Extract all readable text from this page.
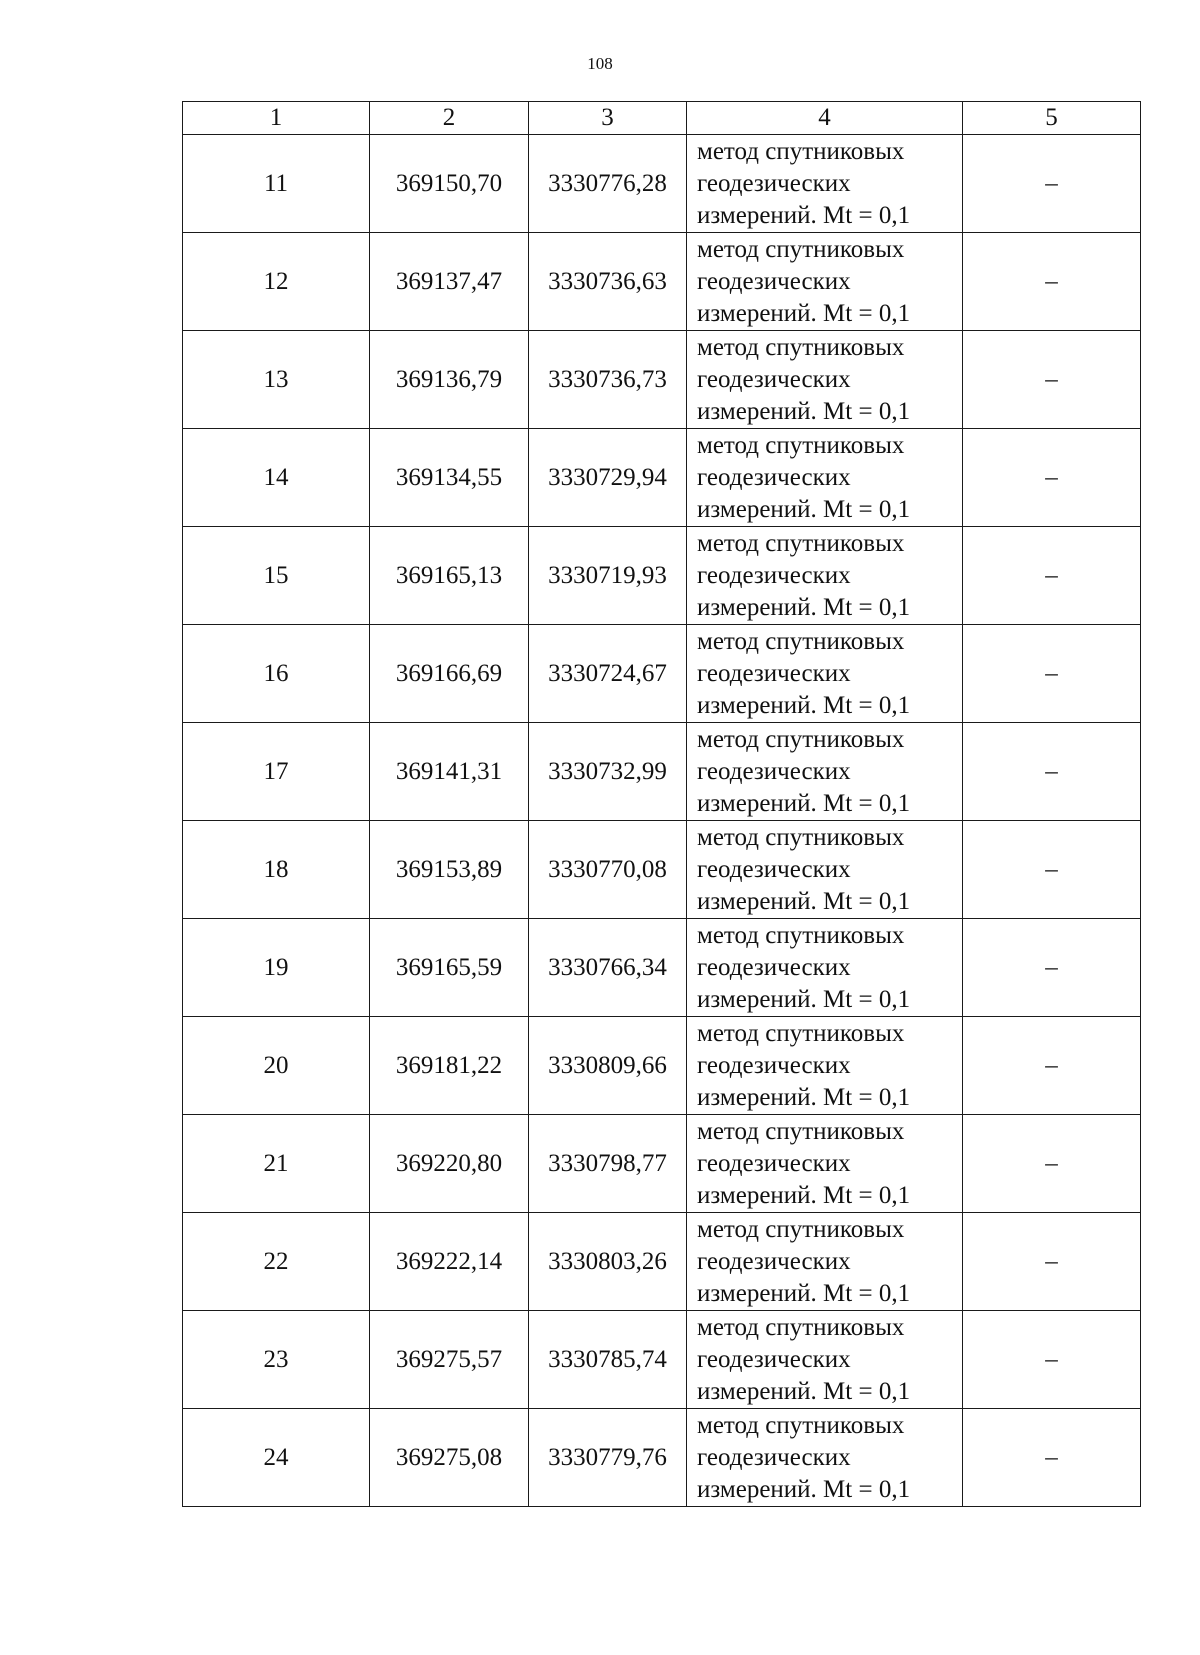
108
1	2	3	4	5
11	369150,70	3330776,28	метод спутниковых
геодезических
измерений. Mt = 0,1	–
12	369137,47	3330736,63	метод спутниковых
геодезических
измерений. Mt = 0,1	–
13	369136,79	3330736,73	метод спутниковых
геодезических
измерений. Mt = 0,1	–
14	369134,55	3330729,94	метод спутниковых
геодезических
измерений. Mt = 0,1	–
15	369165,13	3330719,93	метод спутниковых
геодезических
измерений. Mt = 0,1	–
16	369166,69	3330724,67	метод спутниковых
геодезических
измерений. Mt = 0,1	–
17	369141,31	3330732,99	метод спутниковых
геодезических
измерений. Mt = 0,1	–
18	369153,89	3330770,08	метод спутниковых
геодезических
измерений. Mt = 0,1	–
19	369165,59	3330766,34	метод спутниковых
геодезических
измерений. Mt = 0,1	–
20	369181,22	3330809,66	метод спутниковых
геодезических
измерений. Mt = 0,1	–
21	369220,80	3330798,77	метод спутниковых
геодезических
измерений. Mt = 0,1	–
22	369222,14	3330803,26	метод спутниковых
геодезических
измерений. Mt = 0,1	–
23	369275,57	3330785,74	метод спутниковых
геодезических
измерений. Mt = 0,1	–
24	369275,08	3330779,76	метод спутниковых
геодезических
измерений. Mt = 0,1	–
